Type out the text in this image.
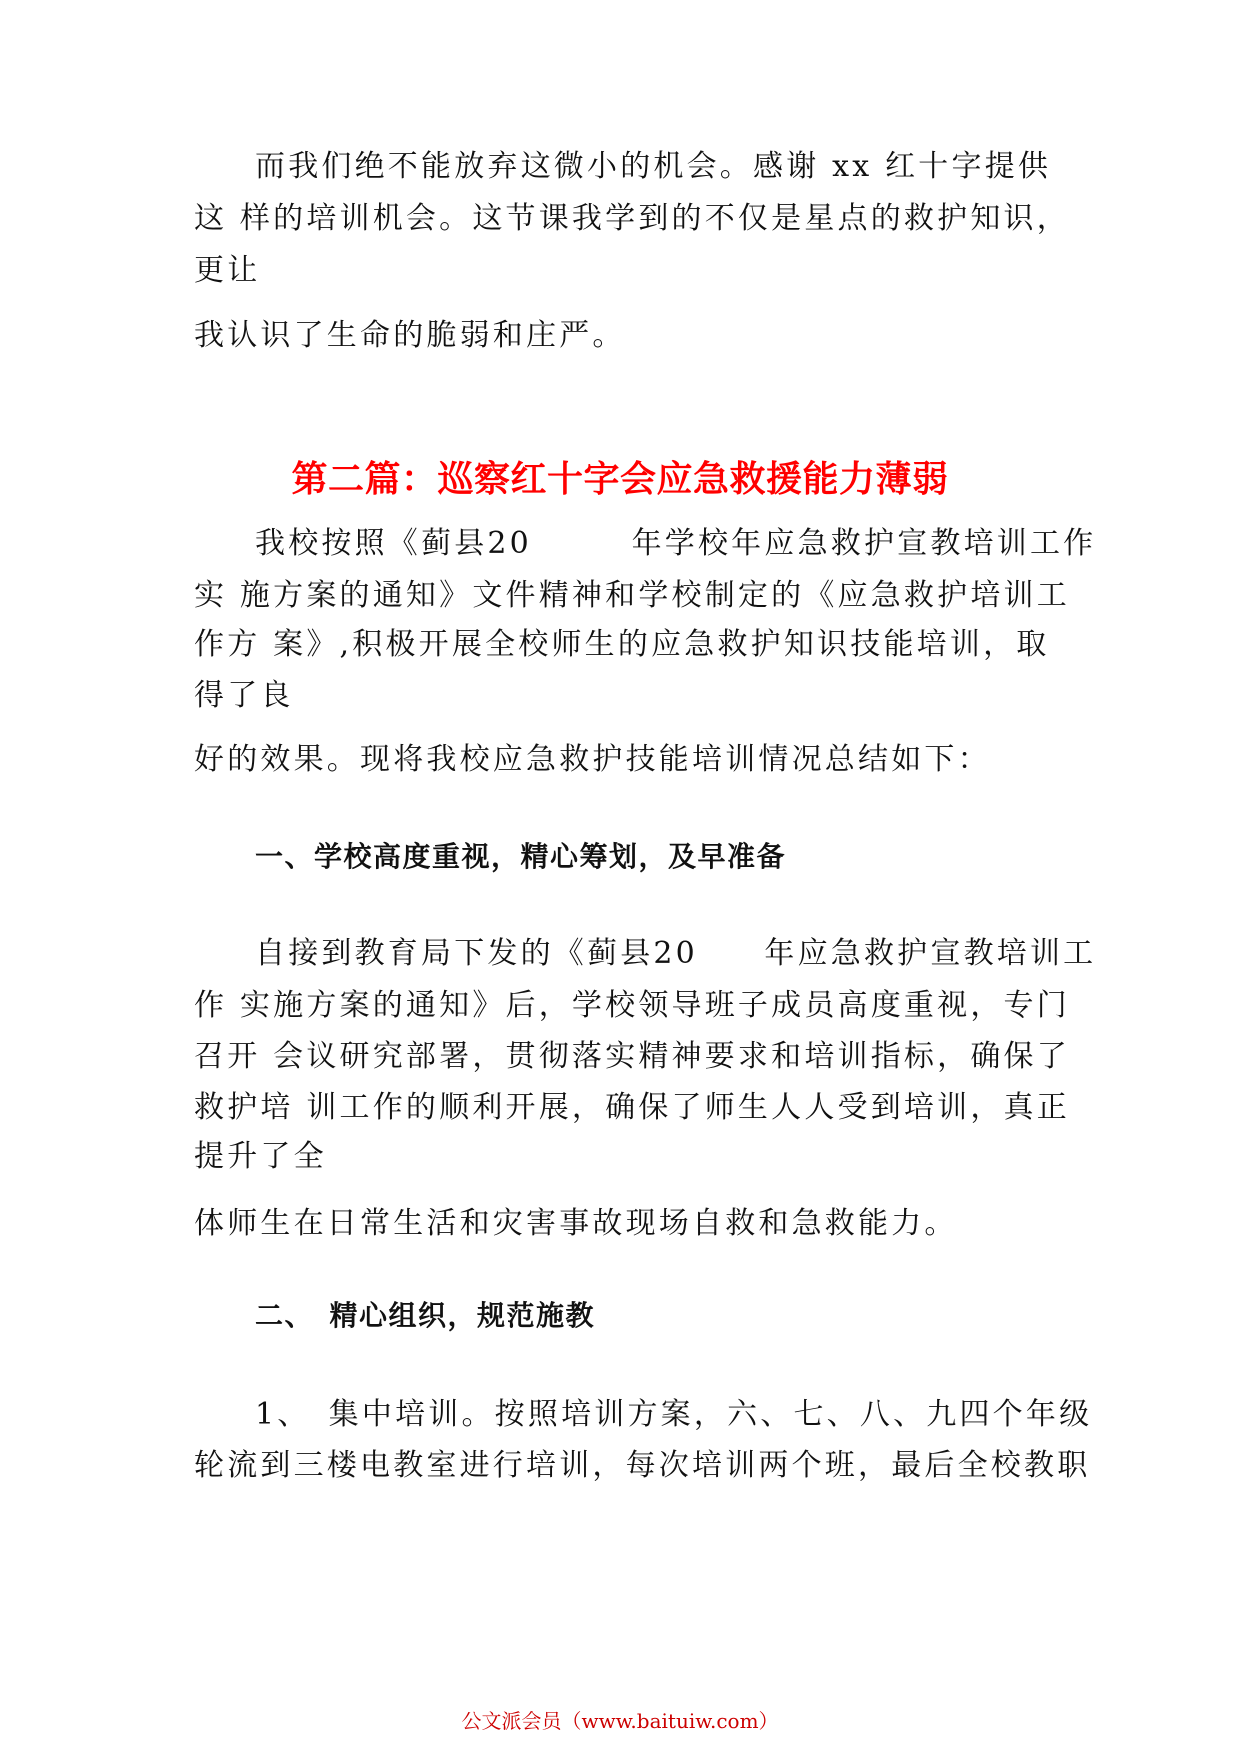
而我们绝不能放弃这微小的机会。感谢 xx 红十字提供
这 样的培训机会。这节课我学到的不仅是星点的救护知识，
更让
我认识了生命的脆弱和庄严。
第二篇：巡察红十字会应急救援能力薄弱
我校按照《蓟县20　　　年学校年应急救护宣教培训工作
实 施方案的通知》文件精神和学校制定的《应急救护培训工
作方 案》,积极开展全校师生的应急救护知识技能培训，取
得了良
好的效果。现将我校应急救护技能培训情况总结如下：
一、学校高度重视，精心筹划，及早准备
自接到教育局下发的《蓟县20　　年应急救护宣教培训工
作 实施方案的通知》后，学校领导班子成员高度重视，专门
召开 会议研究部署，贯彻落实精神要求和培训指标，确保了
救护培 训工作的顺利开展，确保了师生人人受到培训，真正
提升了全
体师生在日常生活和灾害事故现场自救和急救能力。
二、　精心组织，规范施教
1、　集中培训。按照培训方案，六、七、八、九四个年级
轮流到三楼电教室进行培训，每次培训两个班，最后全校教职
公文派会员（www.baituiw.com）
